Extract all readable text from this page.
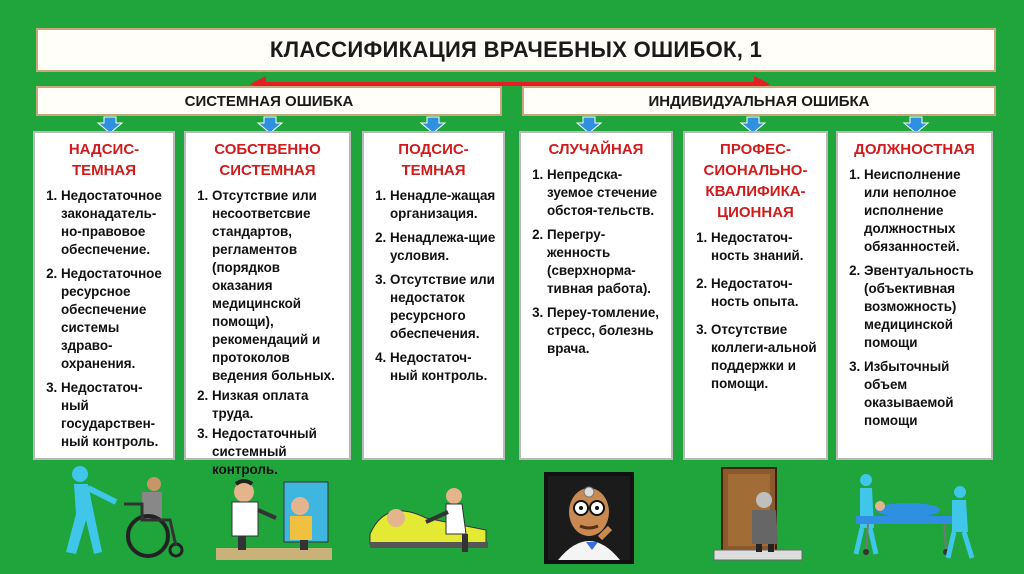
КЛАССИФИКАЦИЯ ВРАЧЕБНЫХ ОШИБОК, 1
СИСТЕМНАЯ ОШИБКА	ИНДИВИДУАЛЬНАЯ ОШИБКА
НАДСИС-
ТЕМНАЯ
1. Недостаточное законадатель-но-правовое обеспечение.
2. Недостаточное ресурсное обеспечение системы здраво-охранения.
3. Недостаточ-ный государствен-ный контроль.
СОБСТВЕННО
СИСТЕМНАЯ
1. Отсутствие или несоответсвие стандартов, регламентов (порядков оказания медицинской помощи), рекомендаций и протоколов ведения больных.
2. Низкая оплата труда.
3. Недостаточный системный контроль.
ПОДСИС-
ТЕМНАЯ
1. Ненадле-жащая организация.
2. Ненадлежа-щие условия.
3. Отсутствие или недостаток ресурсного обеспечения.
4. Недостаточ-ный контроль.
СЛУЧАЙНАЯ
1. Непредска-зуемое стечение обстоя-тельств.
2. Перегру-женность (сверхнорма-тивная работа).
3. Переу-томление, стресс, болезнь врача.
ПРОФЕС-
СИОНАЛЬНО-
КВАЛИФИКА-
ЦИОННАЯ
1. Недостаточ-ность знаний.
2. Недостаточ-ность опыта.
3. Отсутствие коллеги-альной поддержки и помощи.
ДОЛЖНОСТНАЯ
1. Неисполнение или неполное исполнение должностных обязанностей.
2. Эвентуальность (объективная возможность) медицинской помощи
3. Избыточный объем оказываемой помощи
